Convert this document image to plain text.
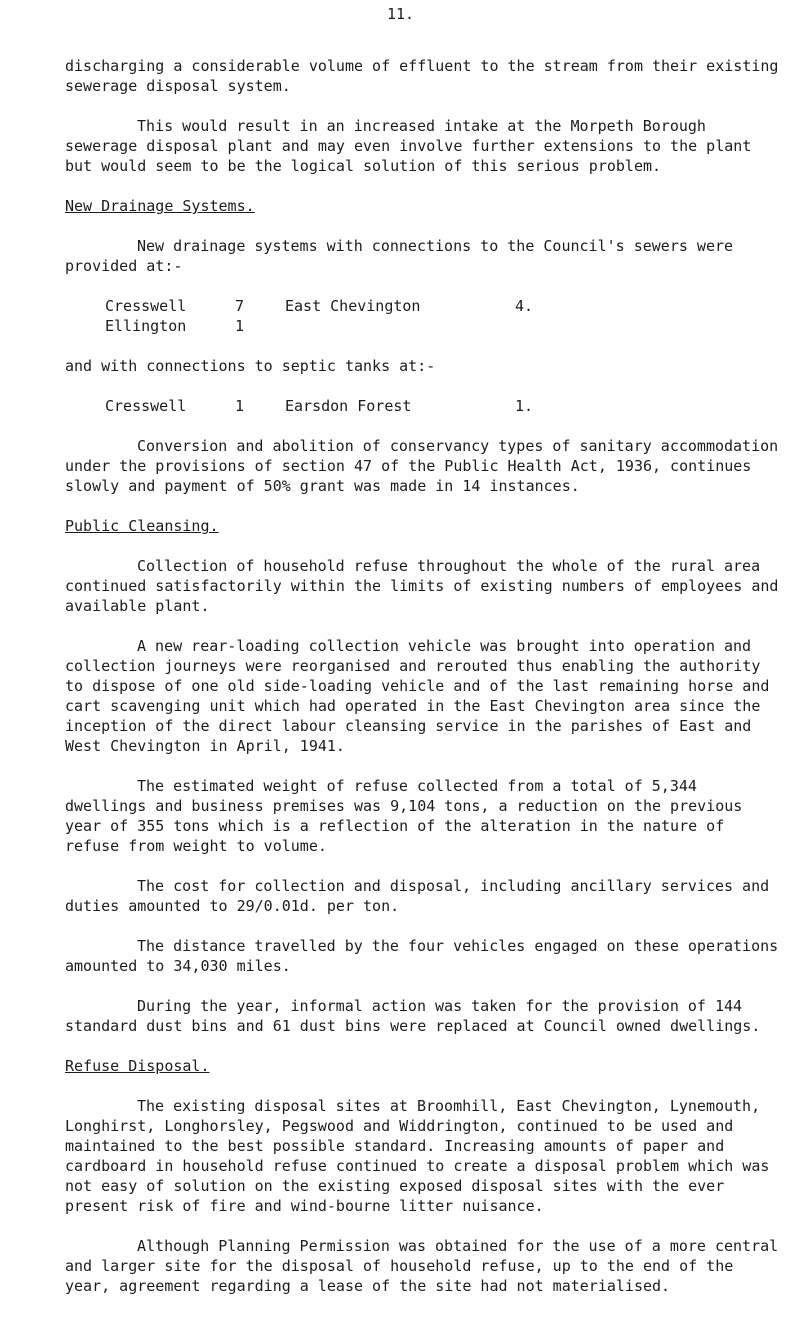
11.

discharging a considerable volume of effluent to the stream from their existing sewerage disposal system.

This would result in an increased intake at the Morpeth Borough sewerage disposal plant and may even involve further extensions to the plant but would seem to be the logical solution of this serious problem.

New Drainage Systems.

New drainage systems with connections to the Council's sewers were provided at:-

Cresswell	7	East Chevington	4.
Ellington	1

and with connections to septic tanks at:-

Cresswell	1	Earsdon Forest	1.

Conversion and abolition of conservancy types of sanitary accommodation under the provisions of section 47 of the Public Health Act, 1936, continues slowly and payment of 50% grant was made in 14 instances.

Public Cleansing.

Collection of household refuse throughout the whole of the rural area continued satisfactorily within the limits of existing numbers of employees and available plant.

A new rear-loading collection vehicle was brought into operation and collection journeys were reorganised and rerouted thus enabling the authority to dispose of one old side-loading vehicle and of the last remaining horse and cart scavenging unit which had operated in the East Chevington area since the inception of the direct labour cleansing service in the parishes of East and West Chevington in April, 1941.

The estimated weight of refuse collected from a total of 5,344 dwellings and business premises was 9,104 tons, a reduction on the previous year of 355 tons which is a reflection of the alteration in the nature of refuse from weight to volume.

The cost for collection and disposal, including ancillary services and duties amounted to 29/0.01d. per ton.

The distance travelled by the four vehicles engaged on these operations amounted to 34,030 miles.

During the year, informal action was taken for the provision of 144 standard dust bins and 61 dust bins were replaced at Council owned dwellings.

Refuse Disposal.

The existing disposal sites at Broomhill, East Chevington, Lynemouth, Longhirst, Longhorsley, Pegswood and Widdrington, continued to be used and maintained to the best possible standard. Increasing amounts of paper and cardboard in household refuse continued to create a disposal problem which was not easy of solution on the existing exposed disposal sites with the ever present risk of fire and wind-bourne litter nuisance.

Although Planning Permission was obtained for the use of a more central and larger site for the disposal of household refuse, up to the end of the year, agreement regarding a lease of the site had not materialised.
